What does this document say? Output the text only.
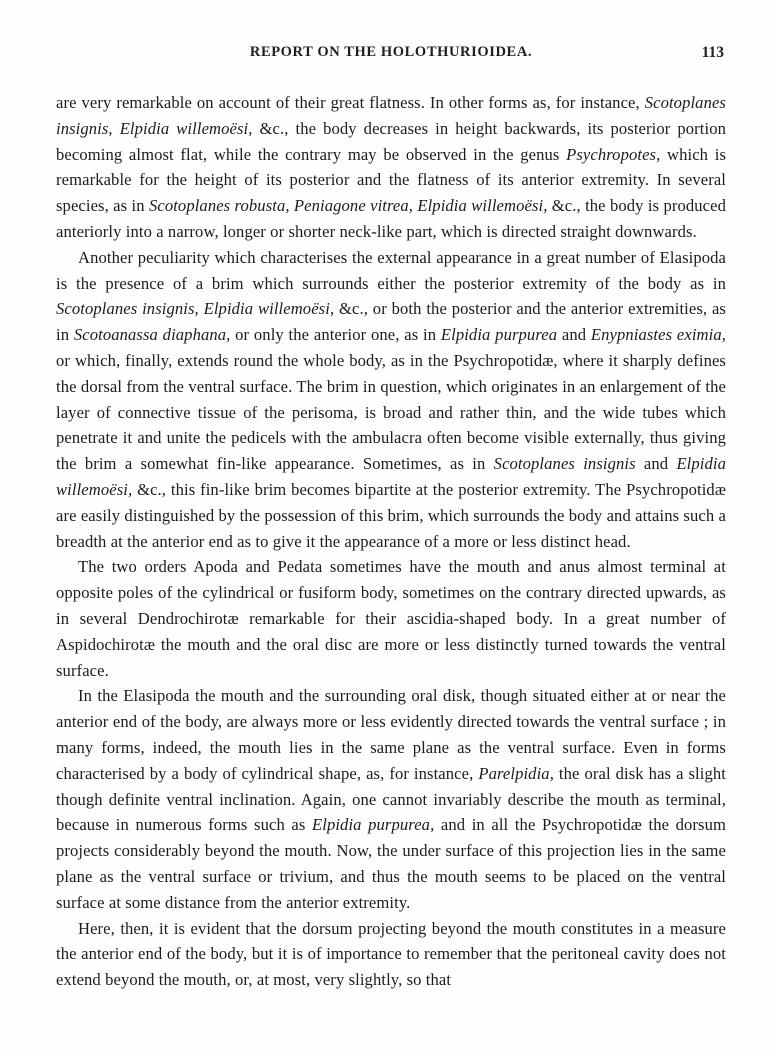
REPORT ON THE HOLOTHURIOIDEA.	113

are very remarkable on account of their great flatness. In other forms as, for instance, Scotoplanes insignis, Elpidia willemoësi, &c., the body decreases in height backwards, its posterior portion becoming almost flat, while the contrary may be observed in the genus Psychropotes, which is remarkable for the height of its posterior and the flatness of its anterior extremity. In several species, as in Scotoplanes robusta, Peniagone vitrea, Elpidia willemoësi, &c., the body is produced anteriorly into a narrow, longer or shorter neck-like part, which is directed straight downwards.

Another peculiarity which characterises the external appearance in a great number of Elasipoda is the presence of a brim which surrounds either the posterior extremity of the body as in Scotoplanes insignis, Elpidia willemoësi, &c., or both the posterior and the anterior extremities, as in Scotoanassa diaphana, or only the anterior one, as in Elpidia purpurea and Enypniastes eximia, or which, finally, extends round the whole body, as in the Psychropotidæ, where it sharply defines the dorsal from the ventral surface. The brim in question, which originates in an enlargement of the layer of connective tissue of the perisoma, is broad and rather thin, and the wide tubes which penetrate it and unite the pedicels with the ambulacra often become visible externally, thus giving the brim a somewhat fin-like appearance. Sometimes, as in Scotoplanes insignis and Elpidia willemoësi, &c., this fin-like brim becomes bipartite at the posterior extremity. The Psychropotidæ are easily distinguished by the possession of this brim, which surrounds the body and attains such a breadth at the anterior end as to give it the appearance of a more or less distinct head.

The two orders Apoda and Pedata sometimes have the mouth and anus almost terminal at opposite poles of the cylindrical or fusiform body, sometimes on the contrary directed upwards, as in several Dendrochirotæ remarkable for their ascidia-shaped body. In a great number of Aspidochirotæ the mouth and the oral disc are more or less distinctly turned towards the ventral surface.

In the Elasipoda the mouth and the surrounding oral disk, though situated either at or near the anterior end of the body, are always more or less evidently directed towards the ventral surface ; in many forms, indeed, the mouth lies in the same plane as the ventral surface. Even in forms characterised by a body of cylindrical shape, as, for instance, Parelpidia, the oral disk has a slight though definite ventral inclination. Again, one cannot invariably describe the mouth as terminal, because in numerous forms such as Elpidia purpurea, and in all the Psychropotidæ the dorsum projects considerably beyond the mouth. Now, the under surface of this projection lies in the same plane as the ventral surface or trivium, and thus the mouth seems to be placed on the ventral surface at some distance from the anterior extremity.

Here, then, it is evident that the dorsum projecting beyond the mouth constitutes in a measure the anterior end of the body, but it is of importance to remember that the peritoneal cavity does not extend beyond the mouth, or, at most, very slightly, so that
